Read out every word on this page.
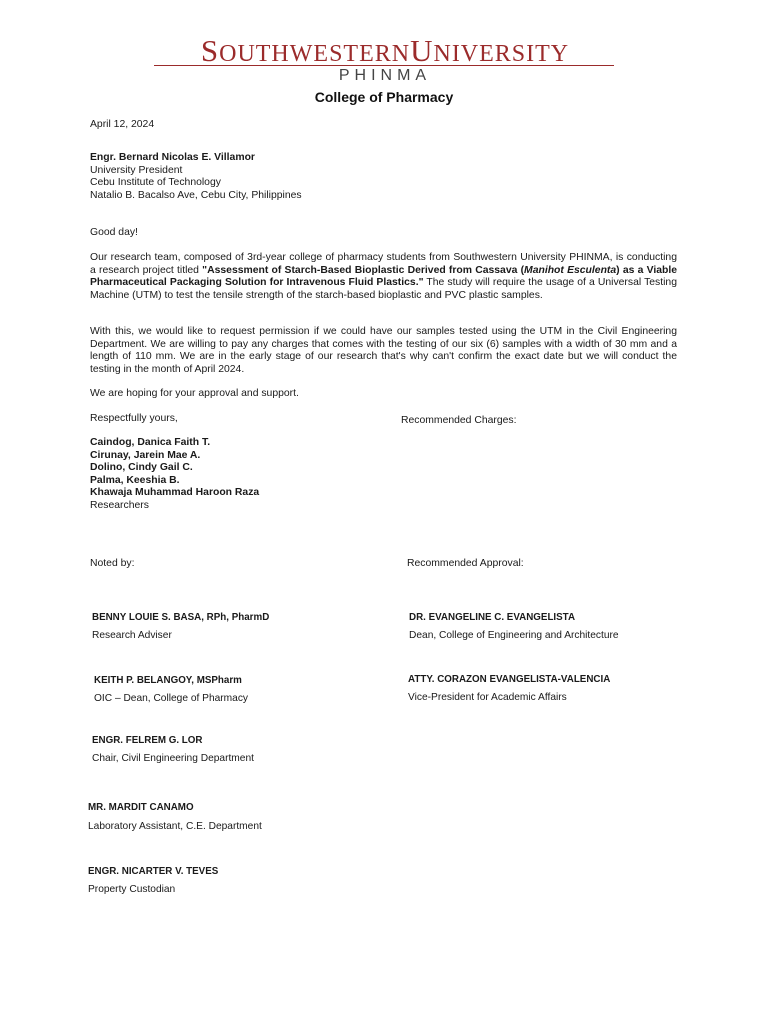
SOUTHWESTERNUNIVERSITY
PHINMA
College of Pharmacy
April 12, 2024
Engr. Bernard Nicolas E. Villamor
University President
Cebu Institute of Technology
Natalio B. Bacalso Ave, Cebu City, Philippines
Good day!
Our research team, composed of 3rd-year college of pharmacy students from Southwestern University PHINMA, is conducting a research project titled "Assessment of Starch-Based Bioplastic Derived from Cassava (Manihot Esculenta) as a Viable Pharmaceutical Packaging Solution for Intravenous Fluid Plastics." The study will require the usage of a Universal Testing Machine (UTM) to test the tensile strength of the starch-based bioplastic and PVC plastic samples.
With this, we would like to request permission if we could have our samples tested using the UTM in the Civil Engineering Department. We are willing to pay any charges that comes with the testing of our six (6) samples with a width of 30 mm and a length of 110 mm. We are in the early stage of our research that's why can't confirm the exact date but we will conduct the testing in the month of April 2024.
We are hoping for your approval and support.
Respectfully yours,	Recommended Charges:
Caindog, Danica Faith T.
Cirunay, Jarein Mae A.
Dolino, Cindy Gail C.
Palma, Keeshia B.
Khawaja Muhammad Haroon Raza
Researchers
Noted by:	Recommended Approval:
BENNY LOUIE S. BASA, RPh, PharmD
Research Adviser
KEITH P. BELANGOY, MSPharm
OIC – Dean, College of Pharmacy
ENGR. FELREM G. LOR
Chair, Civil Engineering Department
MR. MARDIT CANAMO
Laboratory Assistant, C.E. Department
ENGR. NICARTER V. TEVES
Property Custodian
DR. EVANGELINE C. EVANGELISTA
Dean, College of Engineering and Architecture
ATTY. CORAZON EVANGELISTA-VALENCIA
Vice-President for Academic Affairs
